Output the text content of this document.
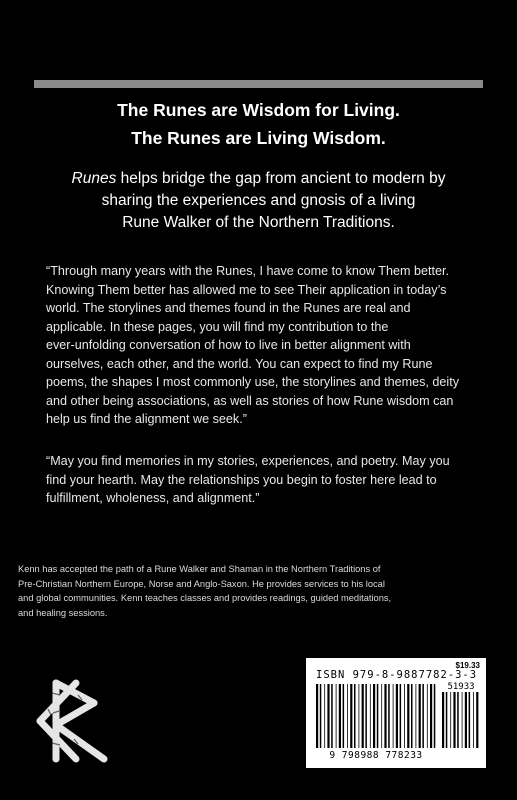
The Runes are Wisdom for Living.
The Runes are Living Wisdom.
Runes helps bridge the gap from ancient to modern by
sharing the experiences and gnosis of a living
Rune Walker of the Northern Traditions.
“Through many years with the Runes, I have come to know Them better.
Knowing Them better has allowed me to see Their application in today’s
world. The storylines and themes found in the Runes are real and
applicable. In these pages, you will find my contribution to the
ever-unfolding conversation of how to live in better alignment with
ourselves, each other, and the world. You can expect to find my Rune
poems, the shapes I most commonly use, the storylines and themes, deity
and other being associations, as well as stories of how Rune wisdom can
help us find the alignment we seek.”
“May you find memories in my stories, experiences, and poetry. May you
find your hearth. May the relationships you begin to foster here lead to
fulfillment, wholeness, and alignment.”
Kenn has accepted the path of a Rune Walker and Shaman in the Northern Traditions of
Pre-Christian Northern Europe, Norse and Anglo-Saxon. He provides services to his local
and global communities. Kenn teaches classes and provides readings, guided meditations,
and healing sessions.
$19.33
ISBN 979-8-9887782-3-3
51933
9 798988 778233
